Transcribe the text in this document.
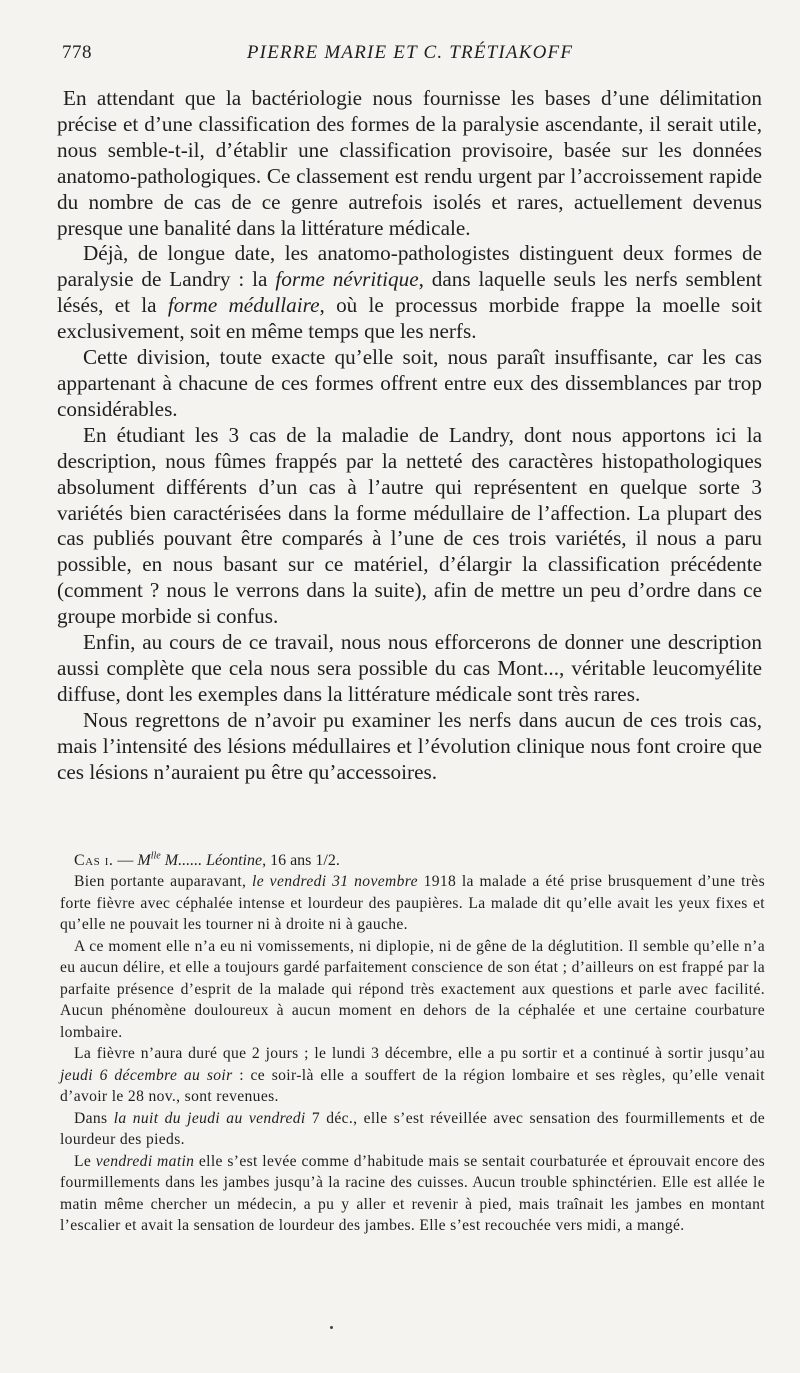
778	PIERRE MARIE ET C. TRÉTIAKOFF

En attendant que la bactériologie nous fournisse les bases d’une délimitation précise et d’une classification des formes de la paralysie ascendante, il serait utile, nous semble-t-il, d’établir une classification provisoire, basée sur les données anatomo-pathologiques. Ce classement est rendu urgent par l’accroissement rapide du nombre de cas de ce genre autrefois isolés et rares, actuellement devenus presque une banalité dans la littérature médicale.

Déjà, de longue date, les anatomo-pathologistes distinguent deux formes de paralysie de Landry : la forme névritique, dans laquelle seuls les nerfs semblent lésés, et la forme médullaire, où le processus morbide frappe la moelle soit exclusivement, soit en même temps que les nerfs.

Cette division, toute exacte qu’elle soit, nous paraît insuffisante, car les cas appartenant à chacune de ces formes offrent entre eux des dissemblances par trop considérables.

En étudiant les 3 cas de la maladie de Landry, dont nous apportons ici la description, nous fûmes frappés par la netteté des caractères histopathologiques absolument différents d’un cas à l’autre qui représentent en quelque sorte 3 variétés bien caractérisées dans la forme médullaire de l’affection. La plupart des cas publiés pouvant être comparés à l’une de ces trois variétés, il nous a paru possible, en nous basant sur ce matériel, d’élargir la classification précédente (comment ? nous le verrons dans la suite), afin de mettre un peu d’ordre dans ce groupe morbide si confus.

Enfin, au cours de ce travail, nous nous efforcerons de donner une description aussi complète que cela nous sera possible du cas Mont..., véritable leucomyélite diffuse, dont les exemples dans la littérature médicale sont très rares.

Nous regrettons de n’avoir pu examiner les nerfs dans aucun de ces trois cas, mais l’intensité des lésions médullaires et l’évolution clinique nous font croire que ces lésions n’auraient pu être qu’accessoires.

Cas i. — $M^{lle}$ M...... Léontine, 16 ans 1/2.

Bien portante auparavant, le vendredi 31 novembre 1918 la malade a été prise brusquement d’une très forte fièvre avec céphalée intense et lourdeur des paupières. La malade dit qu’elle avait les yeux fixes et qu’elle ne pouvait les tourner ni à droite ni à gauche.

A ce moment elle n’a eu ni vomissements, ni diplopie, ni de gêne de la déglutition. Il semble qu’elle n’a eu aucun délire, et elle a toujours gardé parfaitement conscience de son état ; d’ailleurs on est frappé par la parfaite présence d’esprit de la malade qui répond très exactement aux questions et parle avec facilité. Aucun phénomène douloureux à aucun moment en dehors de la céphalée et une certaine courbature lombaire.

La fièvre n’aura duré que 2 jours ; le lundi 3 décembre, elle a pu sortir et a continué à sortir jusqu’au jeudi 6 décembre au soir : ce soir-là elle a souffert de la région lombaire et ses règles, qu’elle venait d’avoir le 28 nov., sont revenues.

Dans la nuit du jeudi au vendredi 7 déc., elle s’est réveillée avec sensation des fourmillements et de lourdeur des pieds.

Le vendredi matin elle s’est levée comme d’habitude mais se sentait courbaturée et éprouvait encore des fourmillements dans les jambes jusqu’à la racine des cuisses. Aucun trouble sphinctérien. Elle est allée le matin même chercher un médecin, a pu y aller et revenir à pied, mais traînait les jambes en montant l’escalier et avait la sensation de lourdeur des jambes. Elle s’est recouchée vers midi, a mangé.
